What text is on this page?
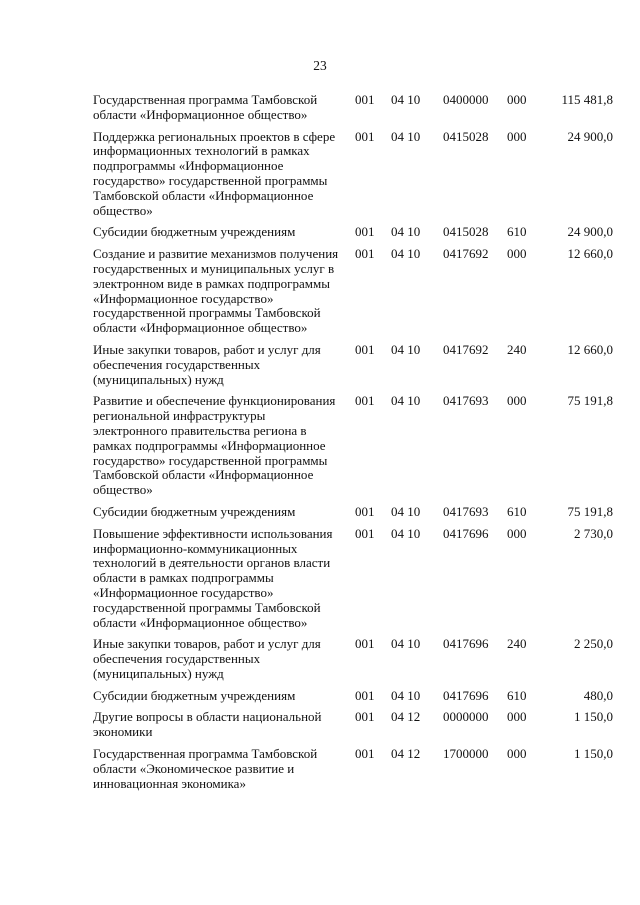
23
Государственная программа Тамбовской области «Информационное общество»	001	04 10	0400000	000	115 481,8
Поддержка региональных проектов в сфере информационных технологий в рамках подпрограммы «Информационное государство» государственной программы Тамбовской области «Информационное общество»	001	04 10	0415028	000	24 900,0
Субсидии бюджетным учреждениям	001	04 10	0415028	610	24 900,0
Создание и развитие механизмов получения государственных и муниципальных услуг в электронном виде в рамках подпрограммы «Информационное государство» государственной программы Тамбовской области «Информационное общество»	001	04 10	0417692	000	12 660,0
Иные закупки товаров, работ и услуг для обеспечения государственных (муниципальных) нужд	001	04 10	0417692	240	12 660,0
Развитие и обеспечение функционирования региональной инфраструктуры электронного правительства региона в рамках подпрограммы «Информационное государство» государственной программы Тамбовской области «Информационное общество»	001	04 10	0417693	000	75 191,8
Субсидии бюджетным учреждениям	001	04 10	0417693	610	75 191,8
Повышение эффективности использования информационно-коммуникационных технологий в деятельности органов власти области в рамках подпрограммы «Информационное государство» государственной программы Тамбовской области «Информационное общество»	001	04 10	0417696	000	2 730,0
Иные закупки товаров, работ и услуг для обеспечения государственных (муниципальных) нужд	001	04 10	0417696	240	2 250,0
Субсидии бюджетным учреждениям	001	04 10	0417696	610	480,0
Другие вопросы в области национальной экономики	001	04 12	0000000	000	1 150,0
Государственная программа Тамбовской области «Экономическое развитие и инновационная экономика»	001	04 12	1700000	000	1 150,0
